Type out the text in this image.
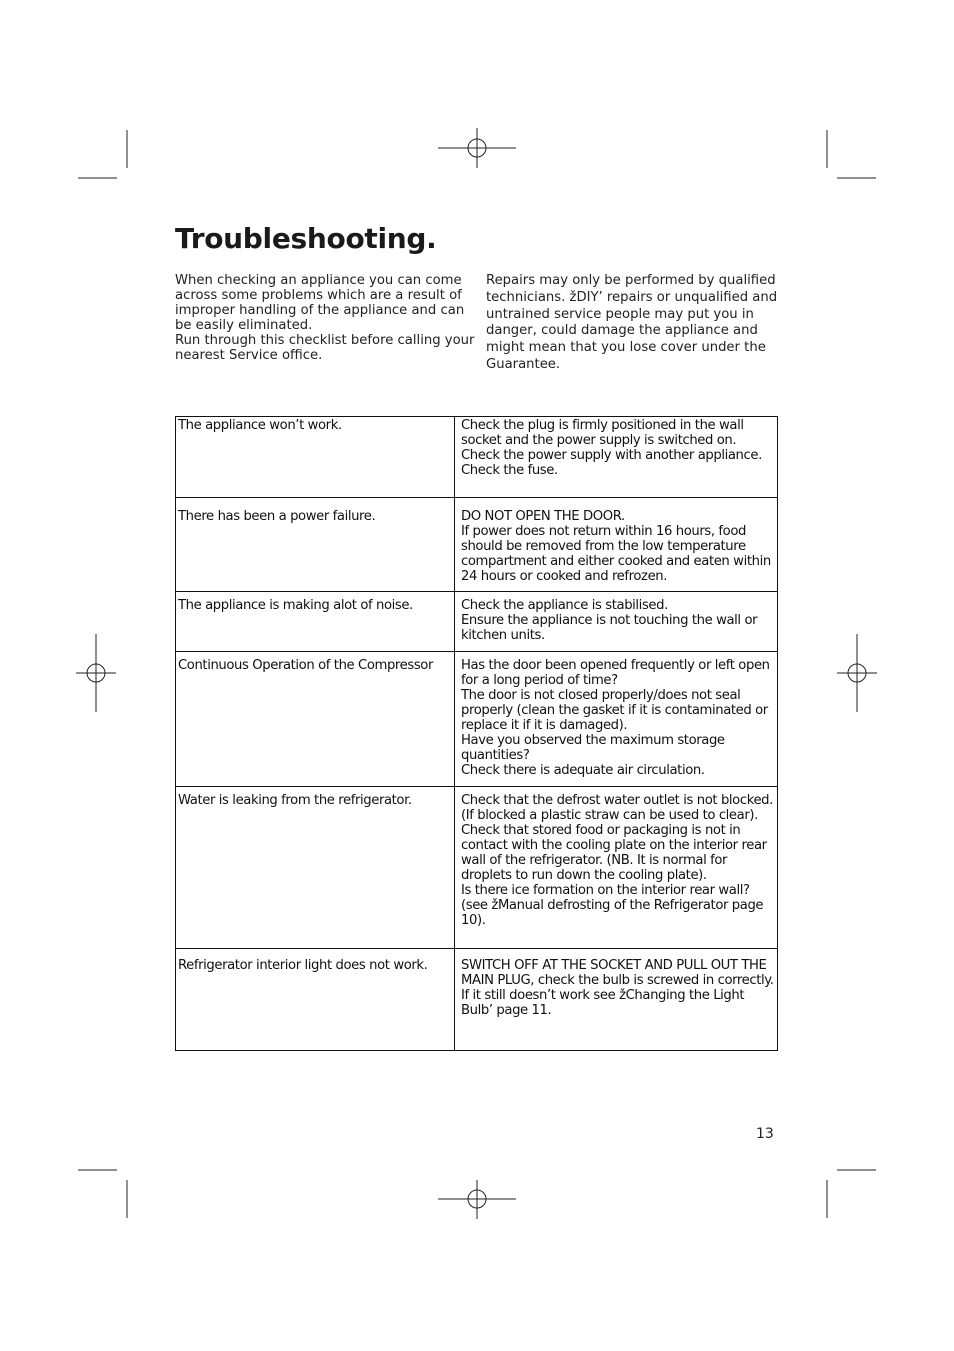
Troubleshooting.

When checking an appliance you can come across some problems which are a result of improper handling of the appliance and can be easily eliminated.

Run through this checklist before calling your nearest Service office.

Repairs may only be performed by qualified technicians. žDIY’ repairs or unqualified and untrained service people may put you in danger, could damage the appliance and might mean that you lose cover under the Guarantee.

The appliance won’t work.	Check the plug is firmly positioned in the wall socket and the power supply is switched on.
Check the power supply with another appliance.
Check the fuse.

There has been a power failure.	DO NOT OPEN THE DOOR.
If power does not return within 16 hours, food should be removed from the low temperature compartment and either cooked and eaten within 24 hours or cooked and refrozen.

The appliance is making alot of noise.	Check the appliance is stabilised.
Ensure the appliance is not touching the wall or kitchen units.

Continuous Operation of the Compressor	Has the door been opened frequently or left open for a long period of time?
The door is not closed properly/does not seal properly (clean the gasket if it is contaminated or replace it if it is damaged).
Have you observed the maximum storage quantities?
Check there is adequate air circulation.

Water is leaking from the refrigerator.	Check that the defrost water outlet is not blocked. (If blocked a plastic straw can be used to clear).
Check that stored food or packaging is not in contact with the cooling plate on the interior rear wall of the refrigerator. (NB. It is normal for droplets to run down the cooling plate).
Is there ice formation on the interior rear wall? (see žManual defrosting of the Refrigerator page 10).

Refrigerator interior light does not work.	SWITCH OFF AT THE SOCKET AND PULL OUT THE MAIN PLUG, check the bulb is screwed in correctly.
If it still doesn’t work see žChanging the Light Bulb’ page 11.
13
